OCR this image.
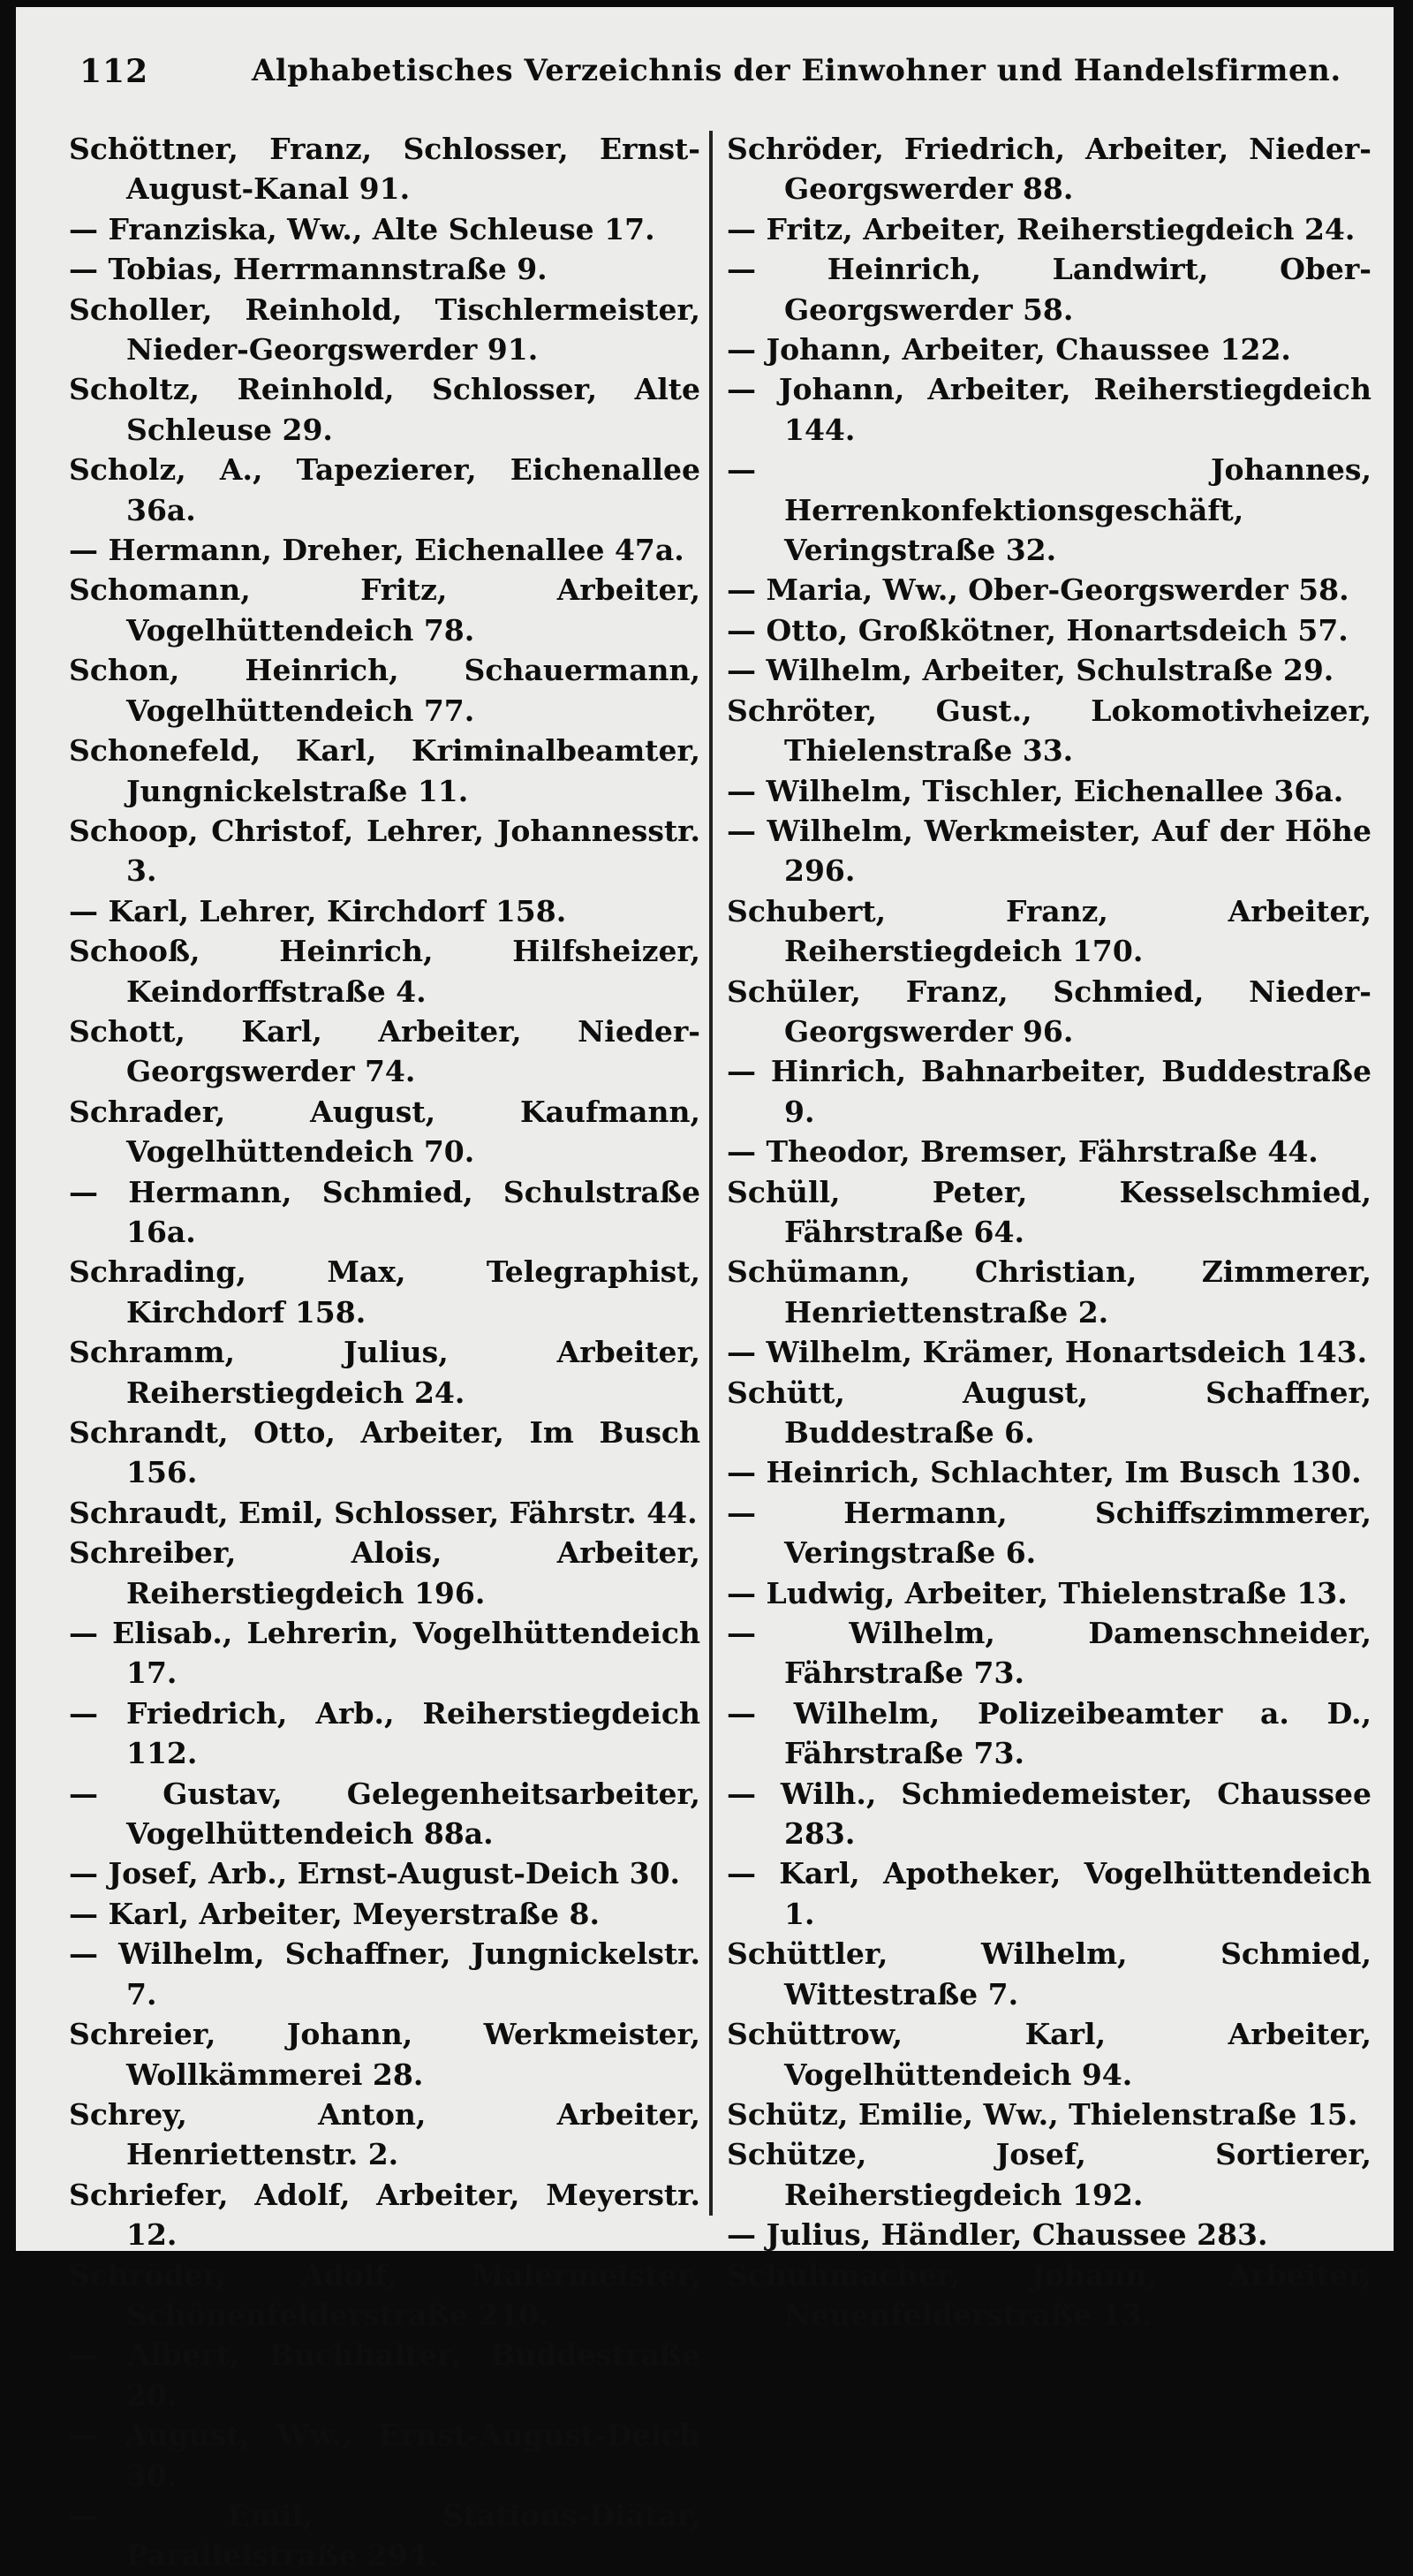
112	Alphabetisches Verzeichnis der Einwohner und Handelsfirmen.

Schöttner, Franz, Schlosser, Ernst-August-Kanal 91.

— Franziska, Ww., Alte Schleuse 17.

— Tobias, Herrmannstraße 9.

Scholler, Reinhold, Tischlermeister, Nieder-Georgswerder 91.

Scholtz, Reinhold, Schlosser, Alte Schleuse 29.

Scholz, A., Tapezierer, Eichenallee 36a.

— Hermann, Dreher, Eichenallee 47a.

Schomann, Fritz, Arbeiter, Vogelhüttendeich 78.

Schon, Heinrich, Schauermann, Vogelhüttendeich 77.

Schonefeld, Karl, Kriminalbeamter, Jungnickelstraße 11.

Schoop, Christof, Lehrer, Johannesstr. 3.

— Karl, Lehrer, Kirchdorf 158.

Schooß, Heinrich, Hilfsheizer, Keindorffstraße 4.

Schott, Karl, Arbeiter, Nieder-Georgswerder 74.

Schrader, August, Kaufmann, Vogelhüttendeich 70.

— Hermann, Schmied, Schulstraße 16a.

Schrading, Max, Telegraphist, Kirchdorf 158.

Schramm, Julius, Arbeiter, Reiherstiegdeich 24.

Schrandt, Otto, Arbeiter, Im Busch 156.

Schraudt, Emil, Schlosser, Fährstr. 44.

Schreiber, Alois, Arbeiter, Reiherstiegdeich 196.

— Elisab., Lehrerin, Vogelhüttendeich 17.

— Friedrich, Arb., Reiherstiegdeich 112.

— Gustav, Gelegenheitsarbeiter, Vogelhüttendeich 88a.

— Josef, Arb., Ernst-August-Deich 30.

— Karl, Arbeiter, Meyerstraße 8.

— Wilhelm, Schaffner, Jungnickelstr. 7.

Schreier, Johann, Werkmeister, Wollkämmerei 28.

Schrey, Anton, Arbeiter, Henriettenstr. 2.

Schriefer, Adolf, Arbeiter, Meyerstr. 12.

Schröder, Adolf, Malermeister, Schönenfelderstraße 210.

— Albert, Buchhalter, Buddestraße 20.

— August, Ww., Ernst-August-Deich 30.

— Emil, Stations-Diätar, Parallelstraße 294.

Schröder, Friedrich, Arbeiter, Nieder-Georgswerder 88.

— Fritz, Arbeiter, Reiherstiegdeich 24.

— Heinrich, Landwirt, Ober-Georgswerder 58.

— Johann, Arbeiter, Chaussee 122.

— Johann, Arbeiter, Reiherstiegdeich 144.

— Johannes, Herrenkonfektionsgeschäft, Veringstraße 32.

— Maria, Ww., Ober-Georgswerder 58.

— Otto, Großkötner, Honartsdeich 57.

— Wilhelm, Arbeiter, Schulstraße 29.

Schröter, Gust., Lokomotivheizer, Thielenstraße 33.

— Wilhelm, Tischler, Eichenallee 36a.

— Wilhelm, Werkmeister, Auf der Höhe 296.

Schubert, Franz, Arbeiter, Reiherstiegdeich 170.

Schüler, Franz, Schmied, Nieder-Georgswerder 96.

— Hinrich, Bahnarbeiter, Buddestraße 9.

— Theodor, Bremser, Fährstraße 44.

Schüll, Peter, Kesselschmied, Fährstraße 64.

Schümann, Christian, Zimmerer, Henriettenstraße 2.

— Wilhelm, Krämer, Honartsdeich 143.

Schütt, August, Schaffner, Buddestraße 6.

— Heinrich, Schlachter, Im Busch 130.

— Hermann, Schiffszimmerer, Veringstraße 6.

— Ludwig, Arbeiter, Thielenstraße 13.

— Wilhelm, Damenschneider, Fährstraße 73.

— Wilhelm, Polizeibeamter a. D., Fährstraße 73.

— Wilh., Schmiedemeister, Chaussee 283.

— Karl, Apotheker, Vogelhüttendeich 1.

Schüttler, Wilhelm, Schmied, Wittestraße 7.

Schüttrow, Karl, Arbeiter, Vogelhüttendeich 94.

Schütz, Emilie, Ww., Thielenstraße 15.

Schütze, Josef, Sortierer, Reiherstiegdeich 192.

— Julius, Händler, Chaussee 283.

Schuhmacher, Johann, Arbeiter, Neuenfelderstraße 13.
